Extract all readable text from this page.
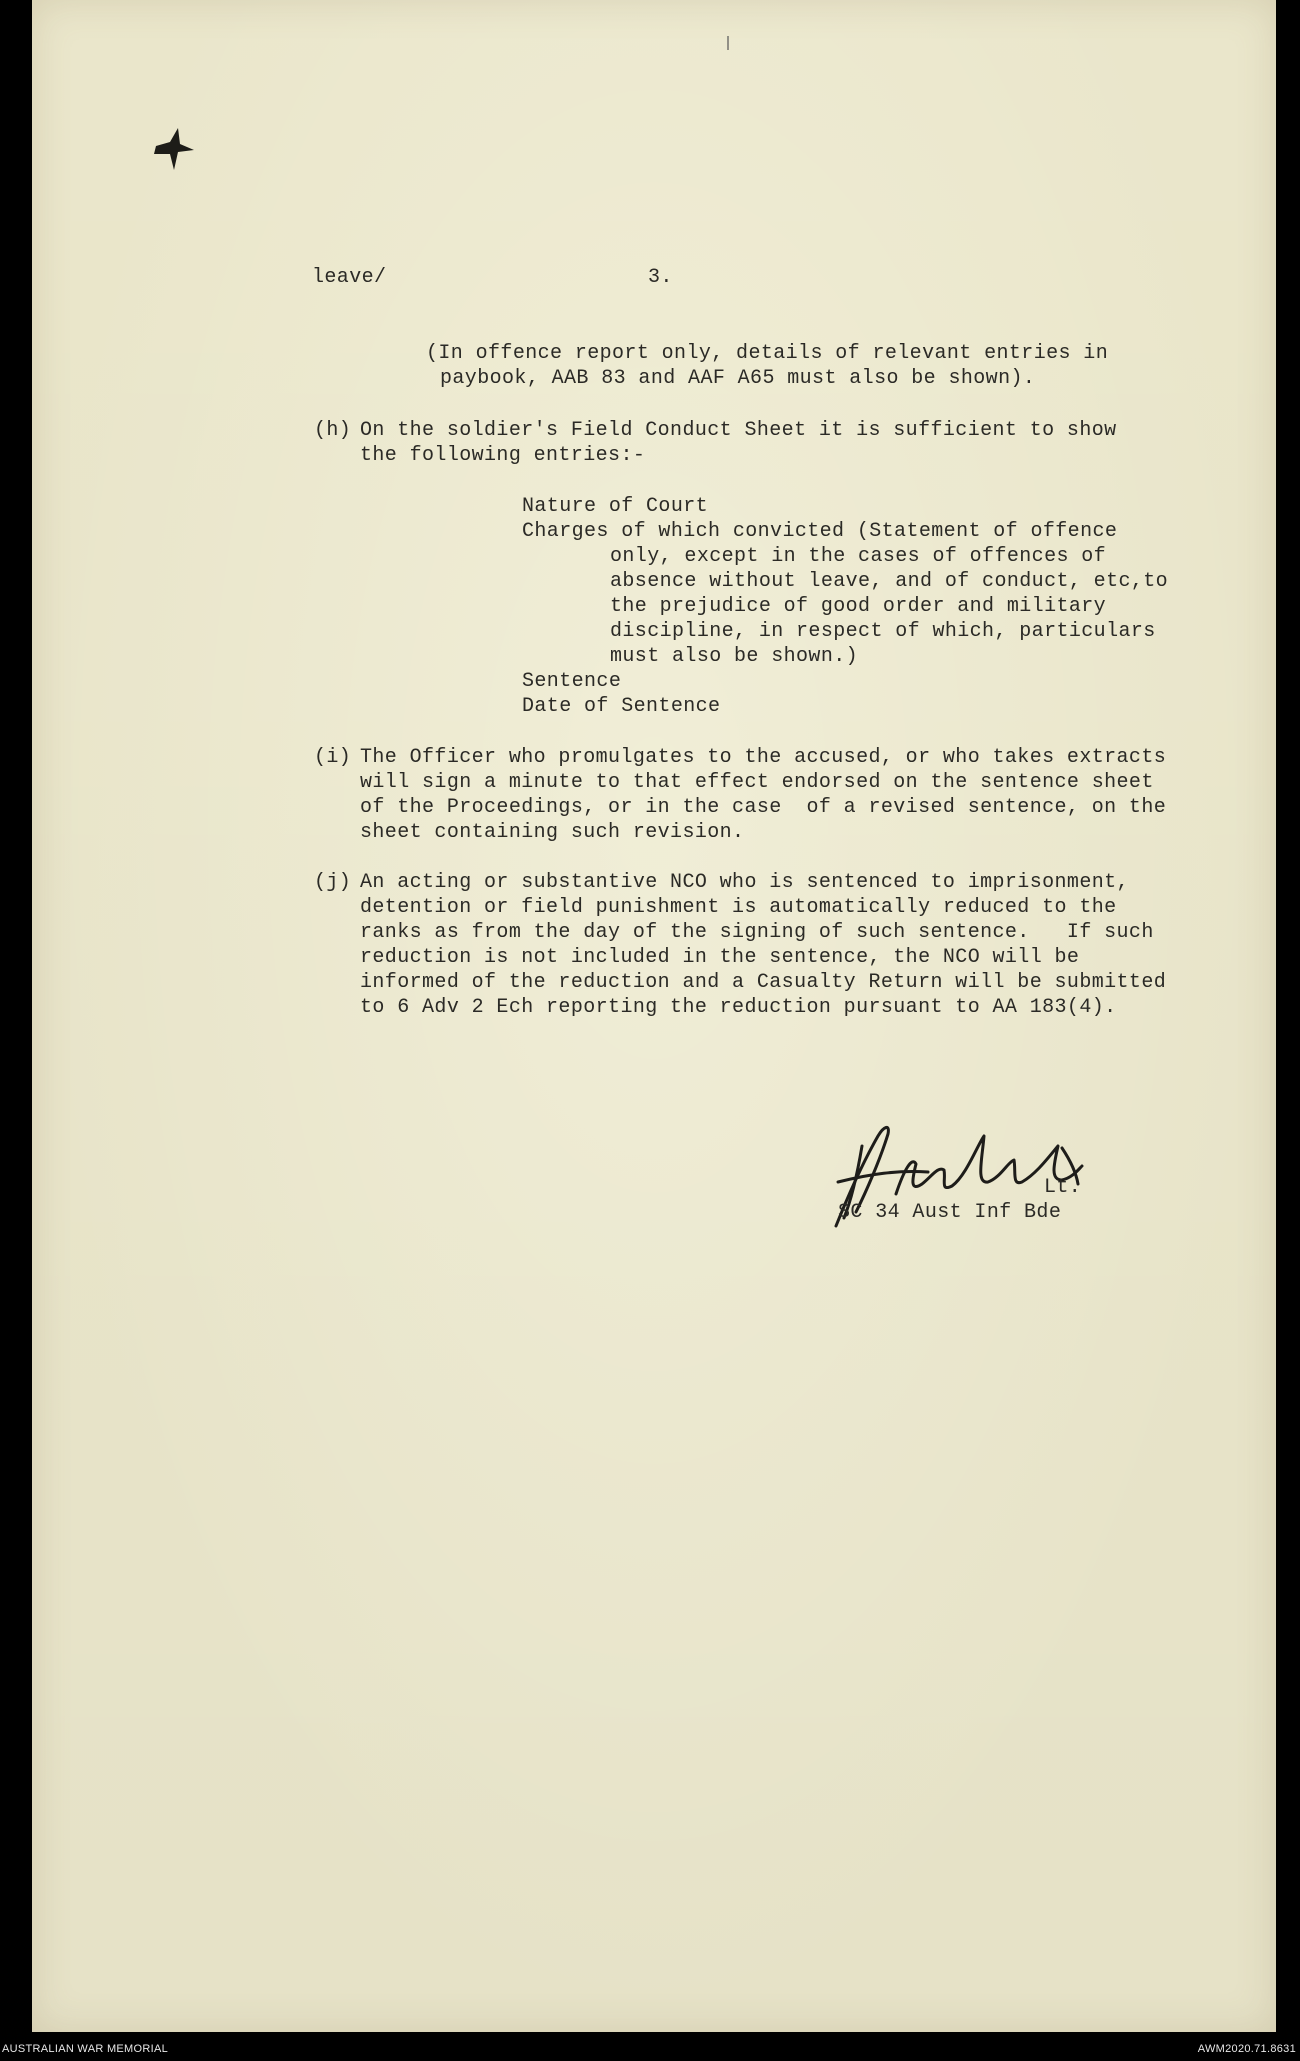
leave/	3.
(In offence report only, details of relevant entries in
paybook, AAB 83 and AAF A65 must also be shown).
(h) On the soldier's Field Conduct Sheet it is sufficient to show
the following entries:-
Nature of Court
Charges of which convicted (Statement of offence
only, except in the cases of offences of
absence without leave, and of conduct, etc,to
the prejudice of good order and military
discipline, in respect of which, particulars
must also be shown.)
Sentence
Date of Sentence
(i) The Officer who promulgates to the accused, or who takes extracts
will sign a minute to that effect endorsed on the sentence sheet
of the Proceedings, or in the case  of a revised sentence, on the
sheet containing such revision.
(j) An acting or substantive NCO who is sentenced to imprisonment,
detention or field punishment is automatically reduced to the
ranks as from the day of the signing of such sentence.   If such
reduction is not included in the sentence, the NCO will be
informed of the reduction and a Casualty Return will be submitted
to 6 Adv 2 Ech reporting the reduction pursuant to AA 183(4).
Lt.
SC 34 Aust Inf Bde
AUSTRALIAN WAR MEMORIAL	AWM2020.71.8631
